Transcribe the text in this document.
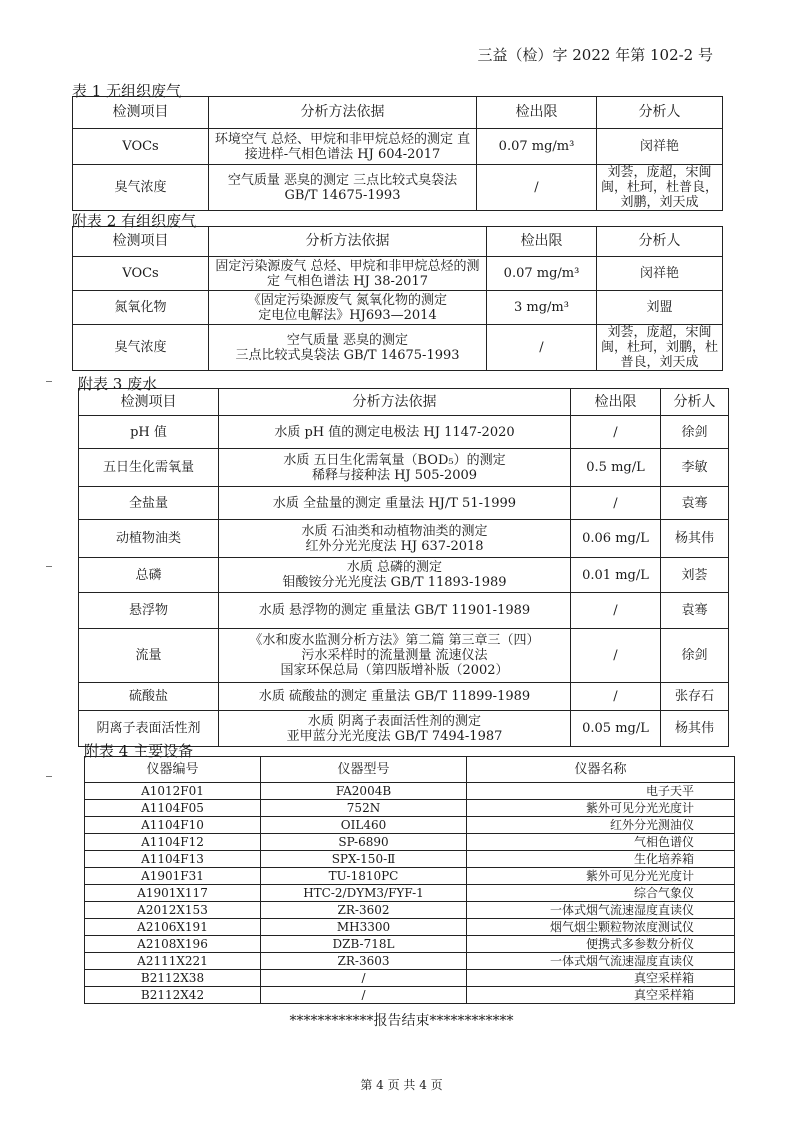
三益（检）字 2022 年第 102-2 号
表 1 无组织废气
检测项目	分析方法依据	检出限	分析人
VOCs	环境空气 总烃、甲烷和非甲烷总烃的测定 直接进样-气相色谱法 HJ 604-2017	0.07 mg/m³	闵祥艳
臭气浓度	空气质量 恶臭的测定 三点比较式臭袋法 GB/T 14675-1993	/	刘荟，庞超，宋闽闽，杜珂，杜普良，刘鹏，刘天成
附表 2 有组织废气
检测项目	分析方法依据	检出限	分析人
VOCs	固定污染源废气 总烃、甲烷和非甲烷总烃的测定 气相色谱法 HJ 38-2017	0.07 mg/m³	闵祥艳
氮氧化物	《固定污染源废气 氮氧化物的测定
定电位电解法》HJ693—2014	3 mg/m³	刘盟
臭气浓度	空气质量 恶臭的测定
三点比较式臭袋法 GB/T 14675-1993	/	刘荟，庞超，宋闽闽，杜珂，刘鹏，杜普良，刘天成
附表 3 废水
检测项目	分析方法依据	检出限	分析人
pH 值	水质 pH 值的测定电极法 HJ 1147-2020	/	徐剑
五日生化需氧量	水质 五日生化需氧量（BOD₅）的测定
稀释与接种法 HJ 505-2009	0.5 mg/L	李敏
全盐量	水质 全盐量的测定 重量法 HJ/T 51-1999	/	袁骞
动植物油类	水质 石油类和动植物油类的测定
红外分光光度法 HJ 637-2018	0.06 mg/L	杨其伟
总磷	水质 总磷的测定
钼酸铵分光光度法 GB/T 11893-1989	0.01 mg/L	刘荟
悬浮物	水质 悬浮物的测定 重量法 GB/T 11901-1989	/	袁骞
流量	《水和废水监测分析方法》第二篇 第三章三（四）
污水采样时的流量测量 流速仪法
国家环保总局（第四版增补版（2002）	/	徐剑
硫酸盐	水质 硫酸盐的测定 重量法 GB/T 11899-1989	/	张存石
阴离子表面活性剂	水质 阴离子表面活性剂的测定
亚甲蓝分光光度法 GB/T 7494-1987	0.05 mg/L	杨其伟
附表 4 主要设备
仪器编号	仪器型号	仪器名称
A1012F01	FA2004B	电子天平
A1104F05	752N	紫外可见分光光度计
A1104F10	OIL460	红外分光测油仪
A1104F12	SP-6890	气相色谱仪
A1104F13	SPX-150-Ⅱ	生化培养箱
A1901F31	TU-1810PC	紫外可见分光光度计
A1901X117	HTC-2/DYM3/FYF-1	综合气象仪
A2012X153	ZR-3602	一体式烟气流速湿度直读仪
A2106X191	MH3300	烟气烟尘颗粒物浓度测试仪
A2108X196	DZB-718L	便携式多参数分析仪
A2111X221	ZR-3603	一体式烟气流速湿度直读仪
B2112X38	/	真空采样箱
B2112X42	/	真空采样箱
************报告结束************
第 4 页 共 4 页
